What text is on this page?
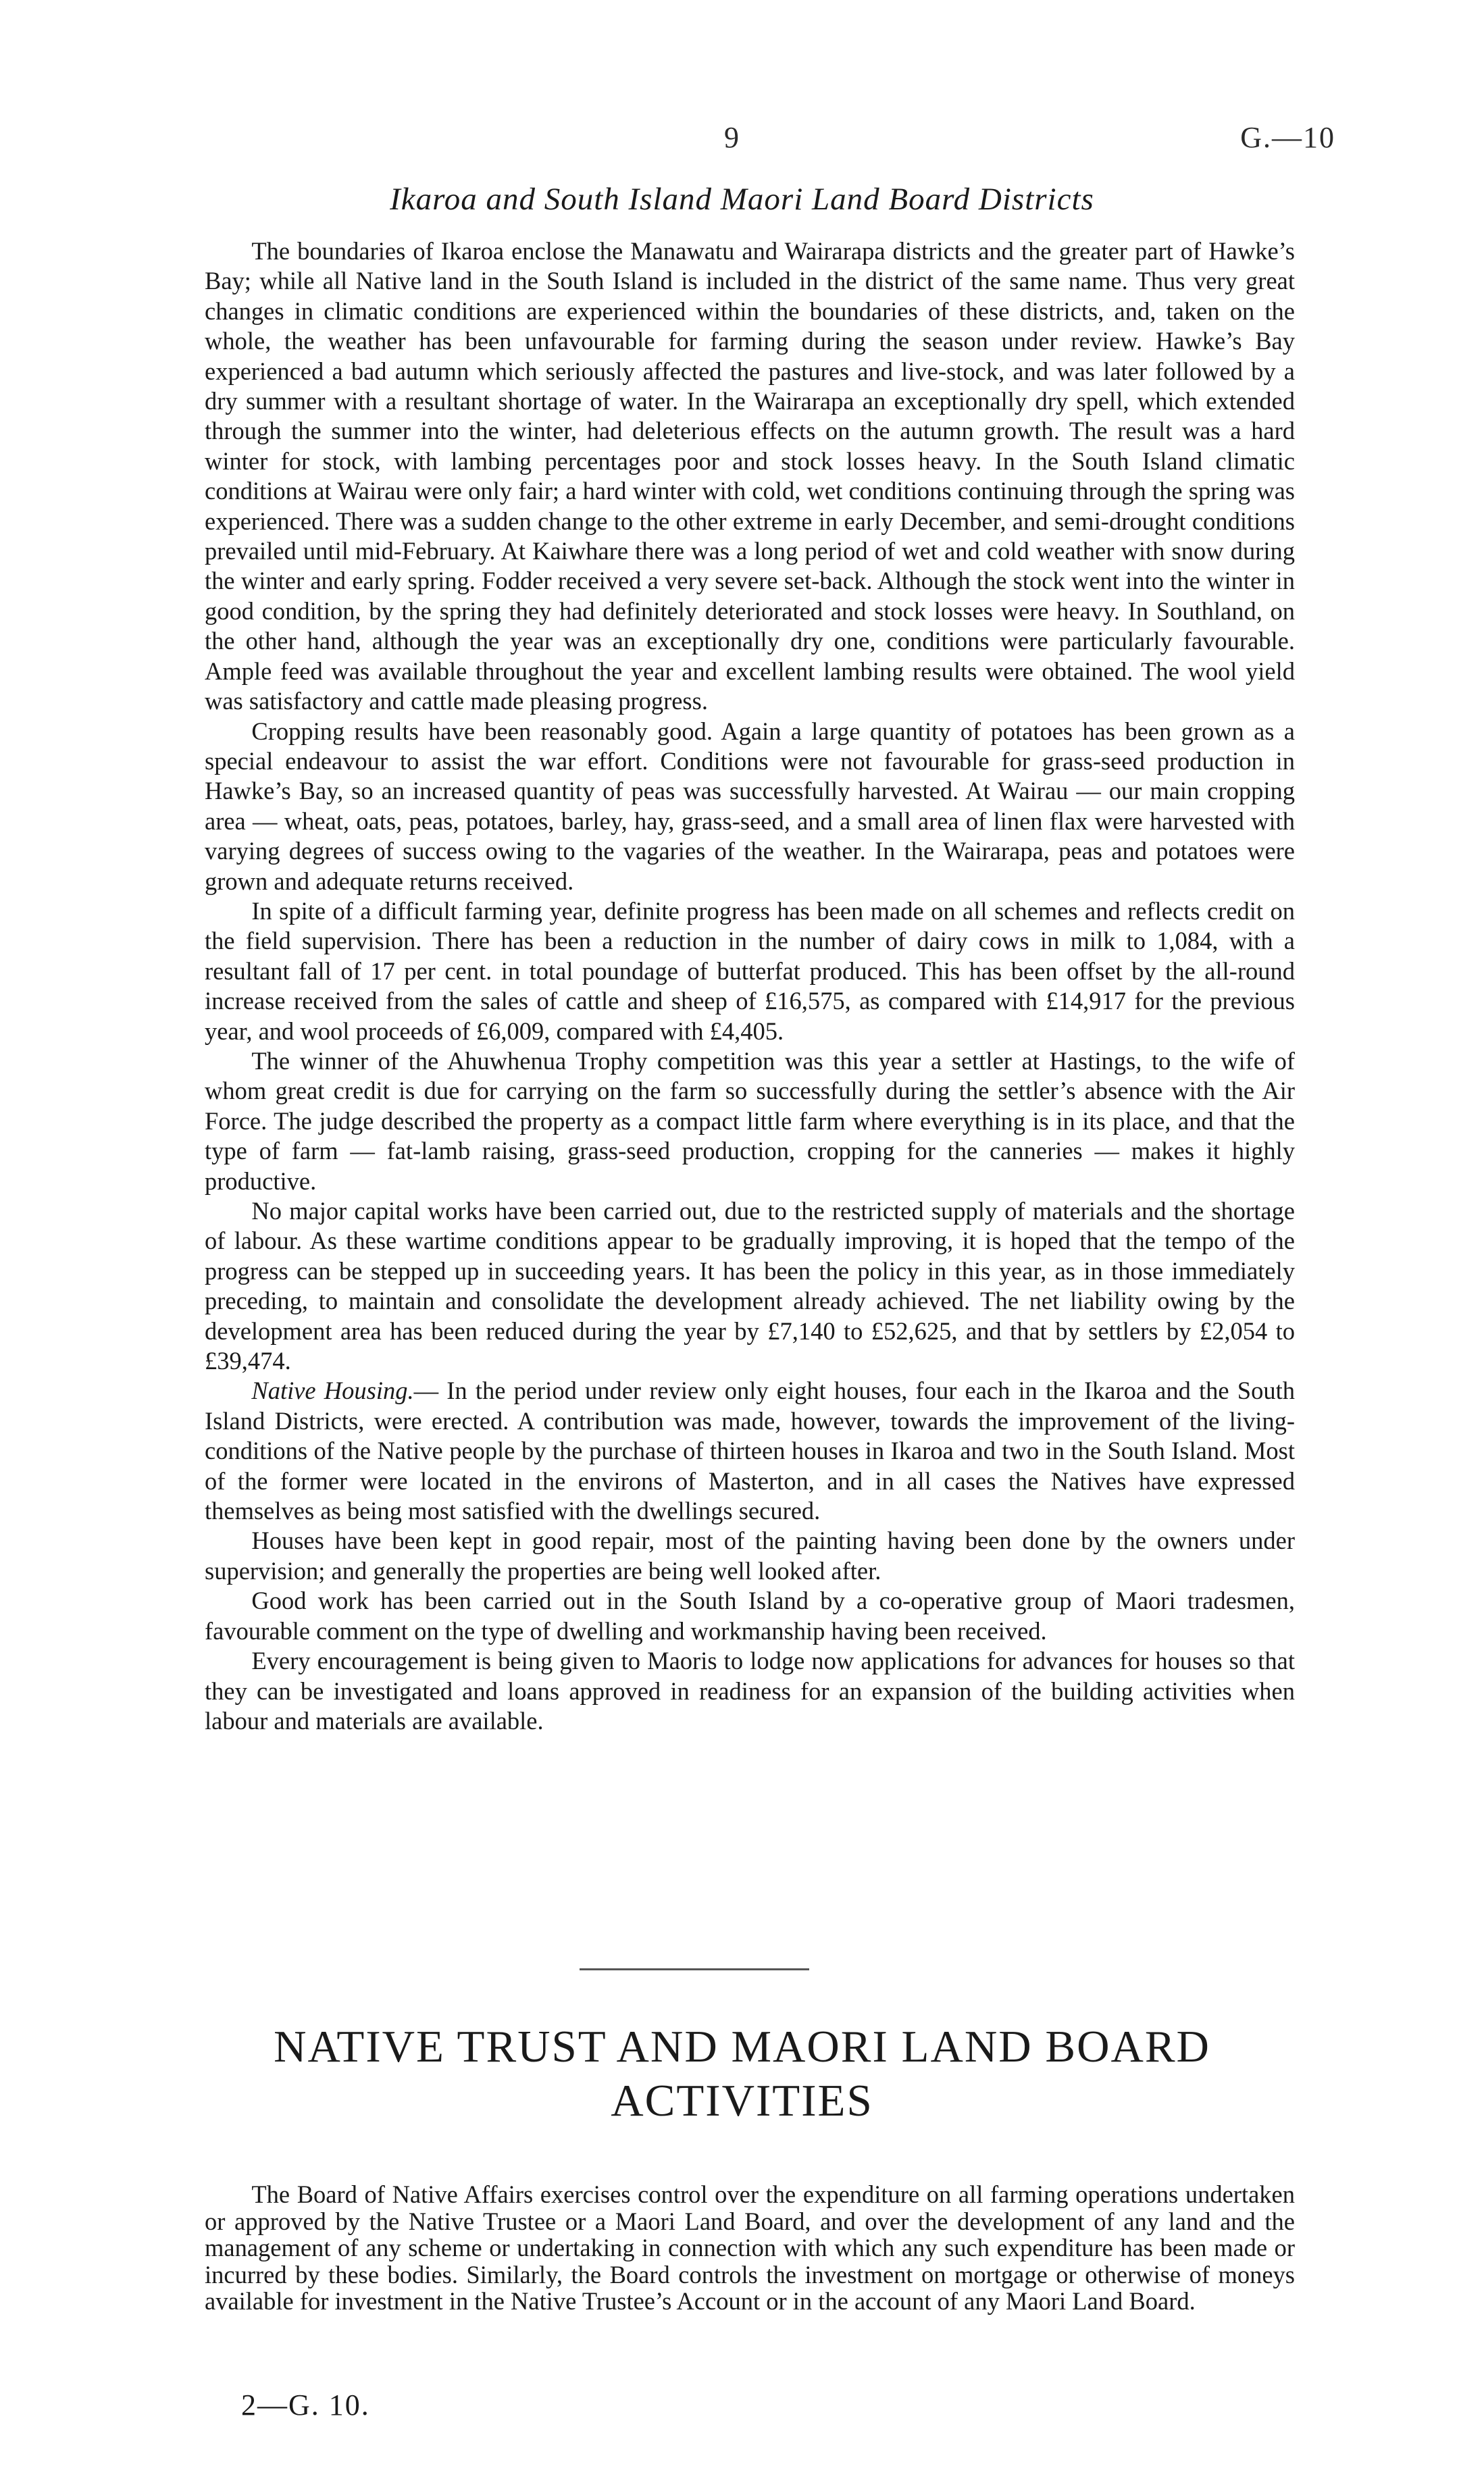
9	G.—10
Ikaroa and South Island Maori Land Board Districts

The boundaries of Ikaroa enclose the Manawatu and Wairarapa districts and the greater part of Hawke’s Bay; while all Native land in the South Island is included in the district of the same name. Thus very great changes in climatic conditions are experienced within the boundaries of these districts, and, taken on the whole, the weather has been unfavourable for farming during the season under review. Hawke’s Bay experienced a bad autumn which seriously affected the pastures and live-stock, and was later followed by a dry summer with a resultant shortage of water. In the Wairarapa an exceptionally dry spell, which extended through the summer into the winter, had deleterious effects on the autumn growth. The result was a hard winter for stock, with lambing percentages poor and stock losses heavy. In the South Island climatic conditions at Wairau were only fair; a hard winter with cold, wet conditions continuing through the spring was experienced. There was a sudden change to the other extreme in early December, and semi-drought conditions prevailed until mid-February. At Kaiwhare there was a long period of wet and cold weather with snow during the winter and early spring. Fodder received a very severe set-back. Although the stock went into the winter in good condition, by the spring they had definitely deteriorated and stock losses were heavy. In Southland, on the other hand, although the year was an exceptionally dry one, conditions were particularly favourable. Ample feed was available throughout the year and excellent lambing results were obtained. The wool yield was satisfactory and cattle made pleasing progress.

Cropping results have been reasonably good. Again a large quantity of potatoes has been grown as a special endeavour to assist the war effort. Conditions were not favourable for grass-seed production in Hawke’s Bay, so an increased quantity of peas was successfully harvested. At Wairau — our main cropping area — wheat, oats, peas, potatoes, barley, hay, grass-seed, and a small area of linen flax were harvested with varying degrees of success owing to the vagaries of the weather. In the Wairarapa, peas and potatoes were grown and adequate returns received.

In spite of a difficult farming year, definite progress has been made on all schemes and reflects credit on the field supervision. There has been a reduction in the number of dairy cows in milk to 1,084, with a resultant fall of 17 per cent. in total poundage of butterfat produced. This has been offset by the all-round increase received from the sales of cattle and sheep of £16,575, as compared with £14,917 for the previous year, and wool proceeds of £6,009, compared with £4,405.

The winner of the Ahuwhenua Trophy competition was this year a settler at Hastings, to the wife of whom great credit is due for carrying on the farm so successfully during the settler’s absence with the Air Force. The judge described the property as a compact little farm where everything is in its place, and that the type of farm — fat-lamb raising, grass-seed production, cropping for the canneries — makes it highly productive.

No major capital works have been carried out, due to the restricted supply of materials and the shortage of labour. As these wartime conditions appear to be gradually improving, it is hoped that the tempo of the progress can be stepped up in succeeding years. It has been the policy in this year, as in those immediately preceding, to maintain and consolidate the development already achieved. The net liability owing by the development area has been reduced during the year by £7,140 to £52,625, and that by settlers by £2,054 to £39,474.

Native Housing.— In the period under review only eight houses, four each in the Ikaroa and the South Island Districts, were erected. A contribution was made, however, towards the improvement of the living-conditions of the Native people by the purchase of thirteen houses in Ikaroa and two in the South Island. Most of the former were located in the environs of Masterton, and in all cases the Natives have expressed themselves as being most satisfied with the dwellings secured.

Houses have been kept in good repair, most of the painting having been done by the owners under supervision; and generally the properties are being well looked after.

Good work has been carried out in the South Island by a co-operative group of Maori tradesmen, favourable comment on the type of dwelling and workmanship having been received.

Every encouragement is being given to Maoris to lodge now applications for advances for houses so that they can be investigated and loans approved in readiness for an expansion of the building activities when labour and materials are available.

NATIVE TRUST AND MAORI LAND BOARD
ACTIVITIES

The Board of Native Affairs exercises control over the expenditure on all farming operations undertaken or approved by the Native Trustee or a Maori Land Board, and over the development of any land and the management of any scheme or undertaking in connection with which any such expenditure has been made or incurred by these bodies. Similarly, the Board controls the investment on mortgage or otherwise of moneys available for investment in the Native Trustee’s Account or in the account of any Maori Land Board.

2—G. 10.
